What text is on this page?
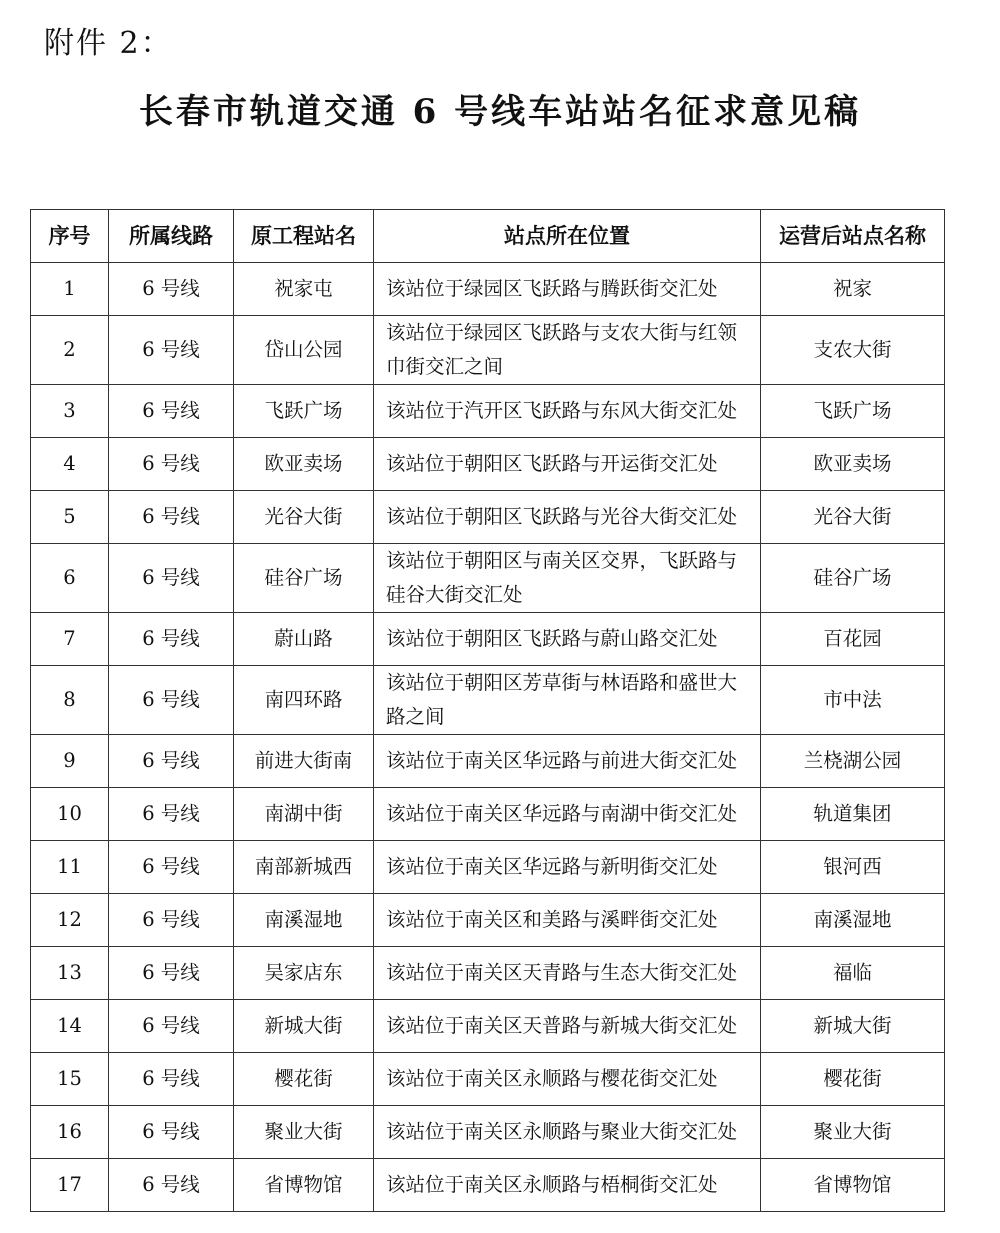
附件 2：
长春市轨道交通 6 号线车站站名征求意见稿
序号	所属线路	原工程站名	站点所在位置	运营后站点名称
1	6 号线	祝家屯	该站位于绿园区飞跃路与腾跃街交汇处	祝家
2	6 号线	岱山公园	该站位于绿园区飞跃路与支农大街与红领巾街交汇之间	支农大街
3	6 号线	飞跃广场	该站位于汽开区飞跃路与东风大街交汇处	飞跃广场
4	6 号线	欧亚卖场	该站位于朝阳区飞跃路与开运街交汇处	欧亚卖场
5	6 号线	光谷大街	该站位于朝阳区飞跃路与光谷大街交汇处	光谷大街
6	6 号线	硅谷广场	该站位于朝阳区与南关区交界，飞跃路与硅谷大街交汇处	硅谷广场
7	6 号线	蔚山路	该站位于朝阳区飞跃路与蔚山路交汇处	百花园
8	6 号线	南四环路	该站位于朝阳区芳草街与林语路和盛世大路之间	市中法
9	6 号线	前进大街南	该站位于南关区华远路与前进大街交汇处	兰桡湖公园
10	6 号线	南湖中街	该站位于南关区华远路与南湖中街交汇处	轨道集团
11	6 号线	南部新城西	该站位于南关区华远路与新明街交汇处	银河西
12	6 号线	南溪湿地	该站位于南关区和美路与溪畔街交汇处	南溪湿地
13	6 号线	吴家店东	该站位于南关区天青路与生态大街交汇处	福临
14	6 号线	新城大街	该站位于南关区天普路与新城大街交汇处	新城大街
15	6 号线	樱花街	该站位于南关区永顺路与樱花街交汇处	樱花街
16	6 号线	聚业大街	该站位于南关区永顺路与聚业大街交汇处	聚业大街
17	6 号线	省博物馆	该站位于南关区永顺路与梧桐街交汇处	省博物馆
